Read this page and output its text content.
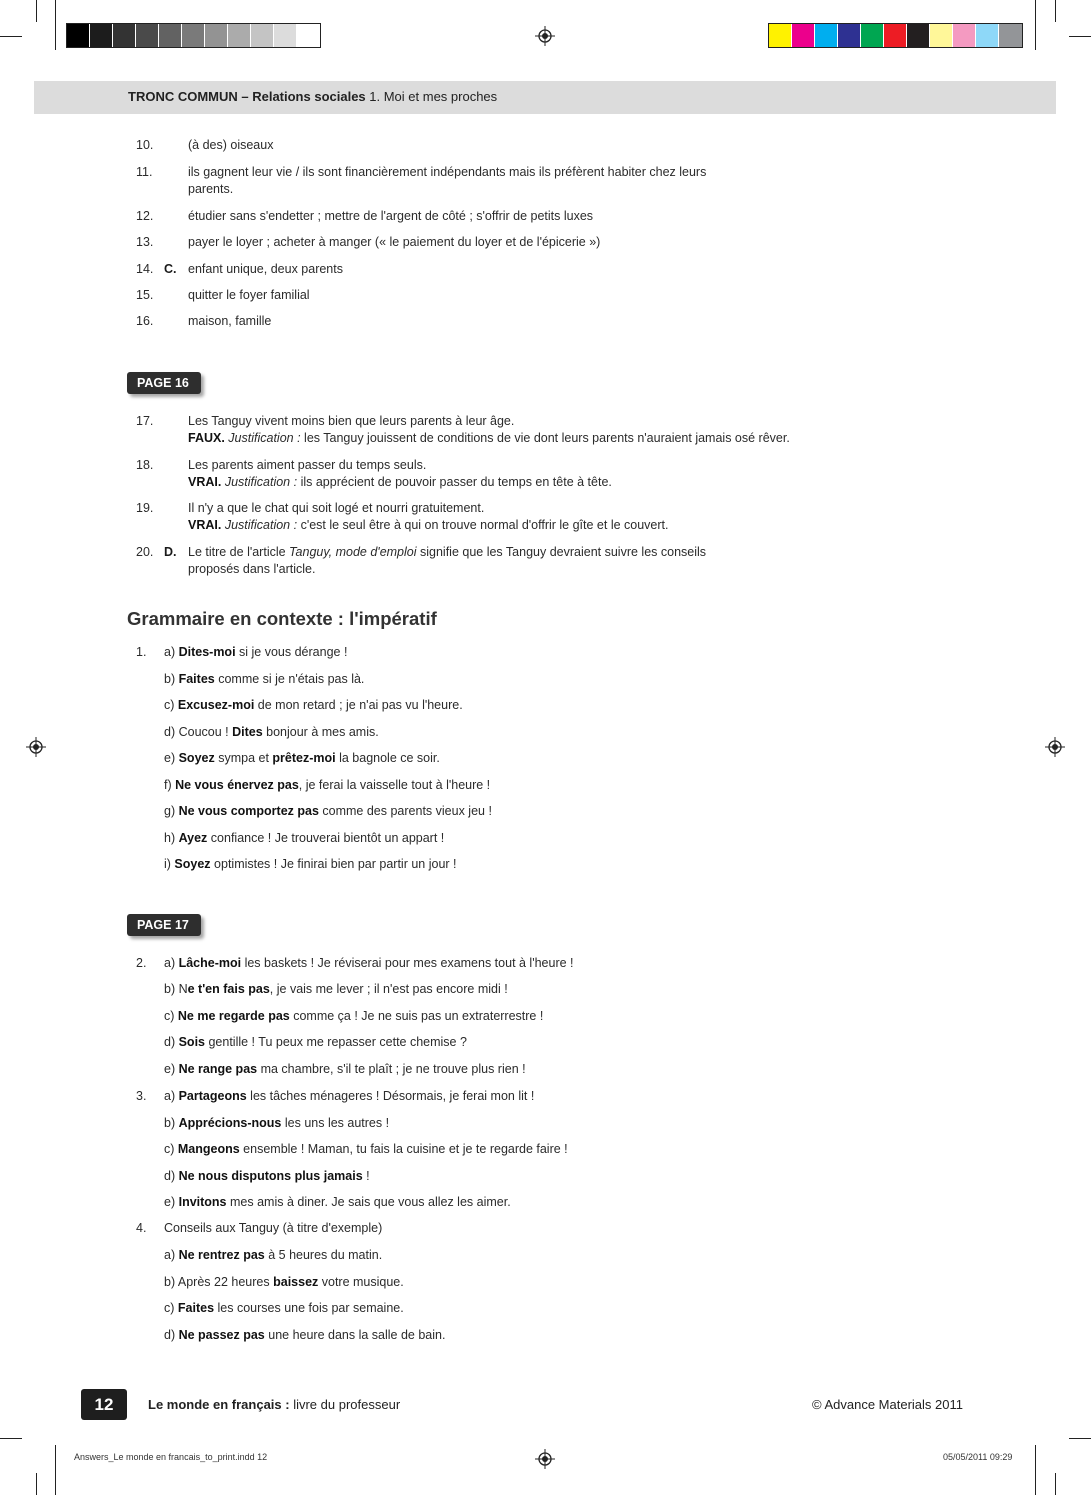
TRONC COMMUN – Relations sociales 1. Moi et mes proches
10.	(à des) oiseaux
11.	ils gagnent leur vie / ils sont financièrement indépendants mais ils préfèrent habiter chez leurs parents.
12.	étudier sans s'endetter ; mettre de l'argent de côté ; s'offrir de petits luxes
13.	payer le loyer ; acheter à manger (« le paiement du loyer et de l'épicerie »)
14. C. enfant unique, deux parents
15.	quitter le foyer familial
16.	maison, famille
PAGE 16
17.	Les Tanguy vivent moins bien que leurs parents à leur âge.
FAUX. Justification : les Tanguy jouissent de conditions de vie dont leurs parents n'auraient jamais osé rêver.
18.	Les parents aiment passer du temps seuls.
VRAI. Justification : ils apprécient de pouvoir passer du temps en tête à tête.
19.	Il n'y a que le chat qui soit logé et nourri gratuitement.
VRAI. Justification : c'est le seul être à qui on trouve normal d'offrir le gîte et le couvert.
20. D. Le titre de l'article Tanguy, mode d'emploi signifie que les Tanguy devraient suivre les conseils proposés dans l'article.
Grammaire en contexte : l'impératif
1. a) Dites-moi si je vous dérange !
b) Faites comme si je n'étais pas là.
c) Excusez-moi de mon retard ; je n'ai pas vu l'heure.
d) Coucou ! Dites bonjour à mes amis.
e) Soyez sympa et prêtez-moi la bagnole ce soir.
f) Ne vous énervez pas, je ferai la vaisselle tout à l'heure !
g) Ne vous comportez pas comme des parents vieux jeu !
h) Ayez confiance ! Je trouverai bientôt un appart !
i) Soyez optimistes ! Je finirai bien par partir un jour !
PAGE 17
2. a) Lâche-moi les baskets ! Je réviserai pour mes examens tout à l'heure !
b) Ne t'en fais pas, je vais me lever ; il n'est pas encore midi !
c) Ne me regarde pas comme ça ! Je ne suis pas un extraterrestre !
d) Sois gentille ! Tu peux me repasser cette chemise ?
e) Ne range pas ma chambre, s'il te plaît ; je ne trouve plus rien !
3. a) Partageons les tâches ménageres ! Désormais, je ferai mon lit !
b) Apprécions-nous les uns les autres !
c) Mangeons ensemble ! Maman, tu fais la cuisine et je te regarde faire !
d) Ne nous disputons plus jamais !
e) Invitons mes amis à diner. Je sais que vous allez les aimer.
4. Conseils aux Tanguy (à titre d'exemple)
a) Ne rentrez pas à 5 heures du matin.
b) Après 22 heures baissez votre musique.
c) Faites les courses une fois par semaine.
d) Ne passez pas une heure dans la salle de bain.
12	Le monde en français : livre du professeur	© Advance Materials 2011
Answers_Le monde en francais_to_print.indd 12	05/05/2011 09:29
